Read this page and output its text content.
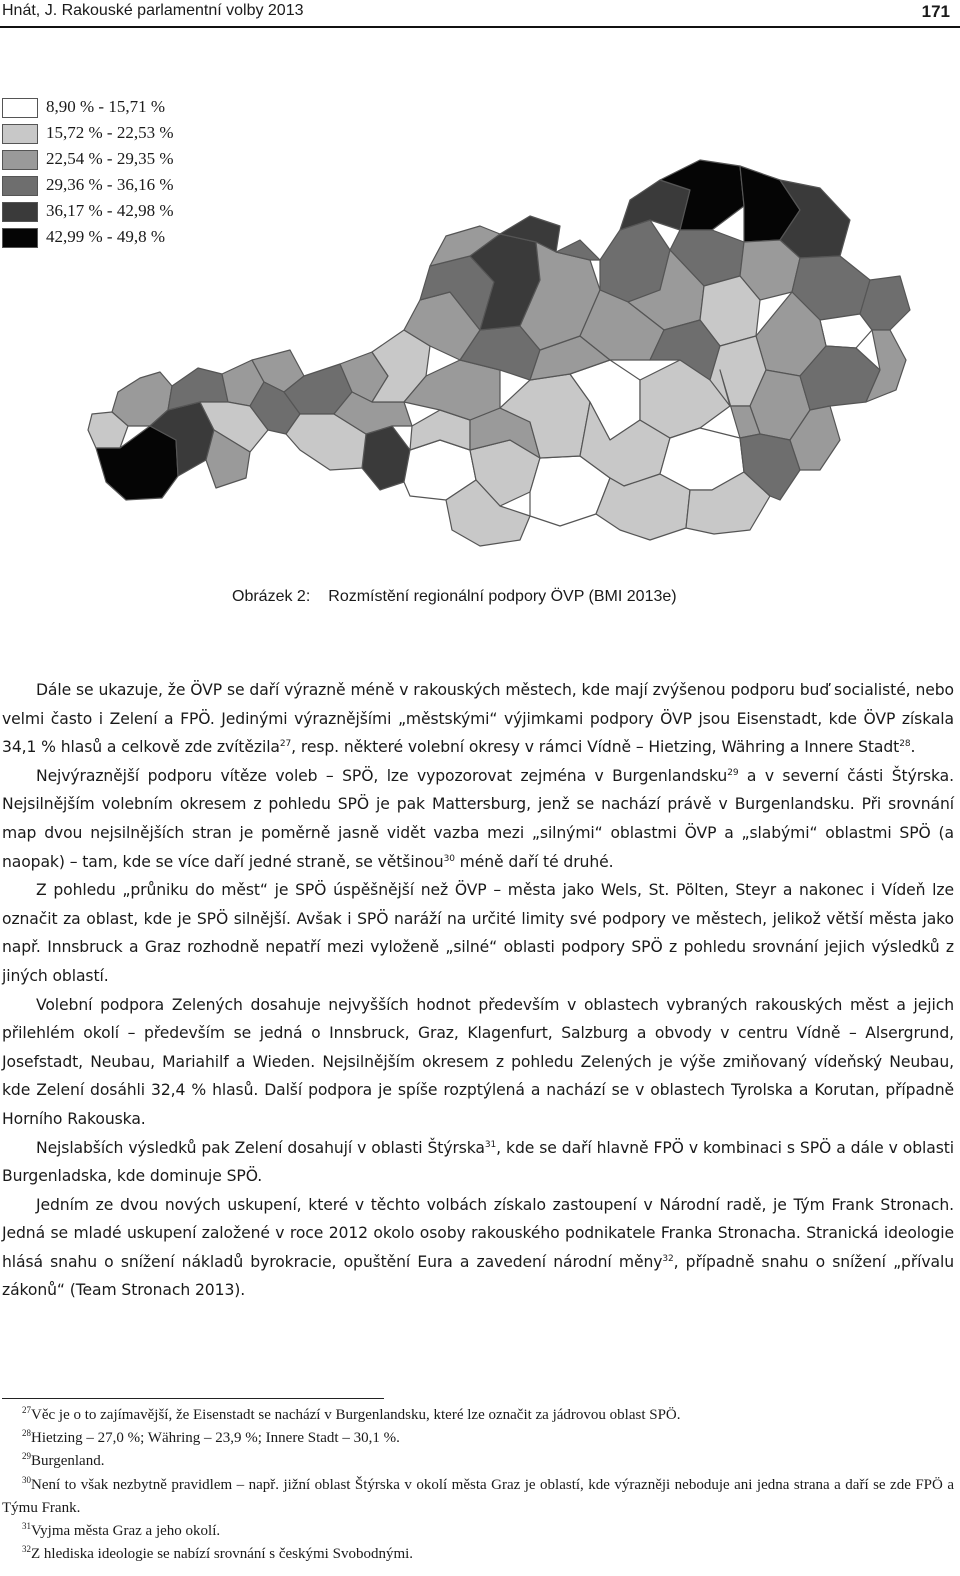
Hnát, J. Rakouské parlamentní volby 2013	171
8,90 % - 15,71 %
15,72 % - 22,53 %
22,54 % - 29,35 %
29,36 % - 36,16 %
36,17 % - 42,98 %
42,99 % - 49,8 %
Obrázek 2: Rozmístění regionální podpory ÖVP (BMI 2013e)

Dále se ukazuje, že ÖVP se daří výrazně méně v rakouských městech, kde mají zvýšenou podporu buď socialisté, nebo velmi často i Zelení a FPÖ. Jedinými výraznějšími „městskými“ výjimkami podpory ÖVP jsou Eisenstadt, kde ÖVP získala 34,1 % hlasů a celkově zde zvítězila$^{27}$, resp. některé volební okresy v rámci Vídně – Hietzing, Währing a Innere Stadt$^{28}$.

Nejvýraznější podporu vítěze voleb – SPÖ, lze vypozorovat zejména v Burgenlandsku$^{29}$ a v severní části Štýrska. Nejsilnějším volebním okresem z pohledu SPÖ je pak Mattersburg, jenž se nachází právě v Burgenlandsku. Při srovnání map dvou nejsilnějších stran je poměrně jasně vidět vazba mezi „silnými“ oblastmi ÖVP a „slabými“ oblastmi SPÖ (a naopak) – tam, kde se více daří jedné straně, se většinou$^{30}$ méně daří té druhé.

Z pohledu „průniku do měst“ je SPÖ úspěšnější než ÖVP – města jako Wels, St. Pölten, Steyr a nakonec i Vídeň lze označit za oblast, kde je SPÖ silnější. Avšak i SPÖ naráží na určité limity své podpory ve městech, jelikož větší města jako např. Innsbruck a Graz rozhodně nepatří mezi vyloženě „silné“ oblasti podpory SPÖ z pohledu srovnání jejich výsledků z jiných oblastí.

Volební podpora Zelených dosahuje nejvyšších hodnot především v oblastech vybraných rakouských měst a jejich přilehlém okolí – především se jedná o Innsbruck, Graz, Klagenfurt, Salzburg a obvody v centru Vídně – Alsergrund, Josefstadt, Neubau, Mariahilf a Wieden. Nejsilnějším okresem z pohledu Zelených je výše zmiňovaný vídeňský Neubau, kde Zelení dosáhli 32,4 % hlasů. Další podpora je spíše rozptýlená a nachází se v oblastech Tyrolska a Korutan, případně Horního Rakouska.

Nejslabších výsledků pak Zelení dosahují v oblasti Štýrska$^{31}$, kde se daří hlavně FPÖ v kombinaci s SPÖ a dále v oblasti Burgenladska, kde dominuje SPÖ.

Jedním ze dvou nových uskupení, které v těchto volbách získalo zastoupení v Národní radě, je Tým Frank Stronach. Jedná se mladé uskupení založené v roce 2012 okolo osoby rakouského podnikatele Franka Stronacha. Stranická ideologie hlásá snahu o snížení nákladů byrokracie, opuštění Eura a zavedení národní měny$^{32}$, případně snahu o snížení „přívalu zákonů“ (Team Stronach 2013).

$^{27}$Věc je o to zajímavější, že Eisenstadt se nachází v Burgenlandsku, které lze označit za jádrovou oblast SPÖ.

$^{28}$Hietzing – 27,0 %; Währing – 23,9 %; Innere Stadt – 30,1 %.

$^{29}$Burgenland.

$^{30}$Není to však nezbytně pravidlem – např. jižní oblast Štýrska v okolí města Graz je oblastí, kde výrazněji neboduje ani jedna strana a daří se zde FPÖ a Týmu Frank.

$^{31}$Vyjma města Graz a jeho okolí.

$^{32}$Z hlediska ideologie se nabízí srovnání s českými Svobodnými.
